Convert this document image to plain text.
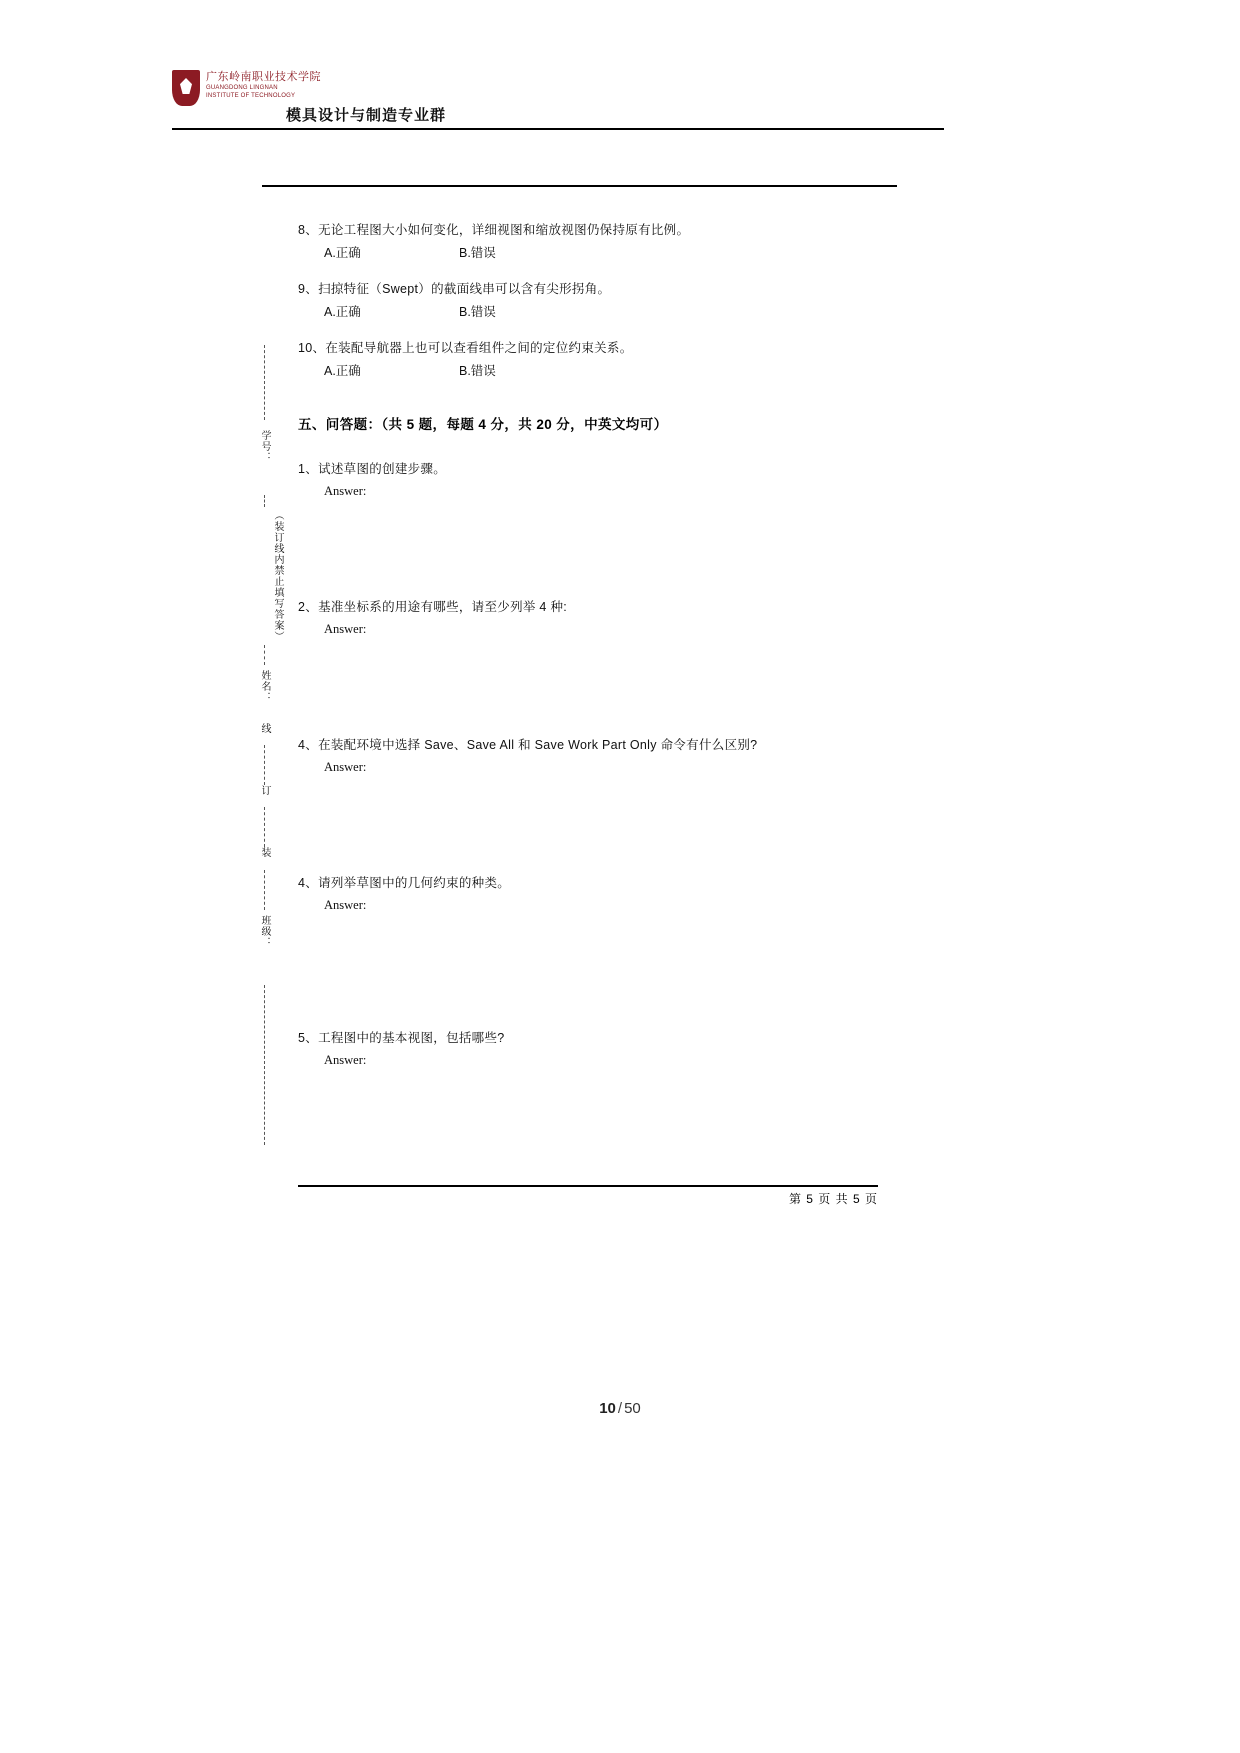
广东岭南职业技术学院
GUANGDONG LINGNAN
INSTITUTE OF TECHNOLOGY
模具设计与制造专业群
学号：
（装订线内禁止填写答案）
姓名：
线
订
装
班级：
8、无论工程图大小如何变化，详细视图和缩放视图仍保持原有比例。
A.正确	B.错误
9、扫掠特征（Swept）的截面线串可以含有尖形拐角。
A.正确	B.错误
10、在装配导航器上也可以查看组件之间的定位约束关系。
A.正确	B.错误
五、问答题：（共 5 题，每题 4 分，共 20 分，中英文均可）
1、试述草图的创建步骤。
Answer:
2、基准坐标系的用途有哪些，请至少列举 4 种:
Answer:
4、在装配环境中选择 Save、Save All 和 Save Work Part Only 命令有什么区别?
Answer:
4、请列举草图中的几何约束的种类。
Answer:
5、工程图中的基本视图，包括哪些?
Answer:
第 5 页 共 5 页
10 / 50
